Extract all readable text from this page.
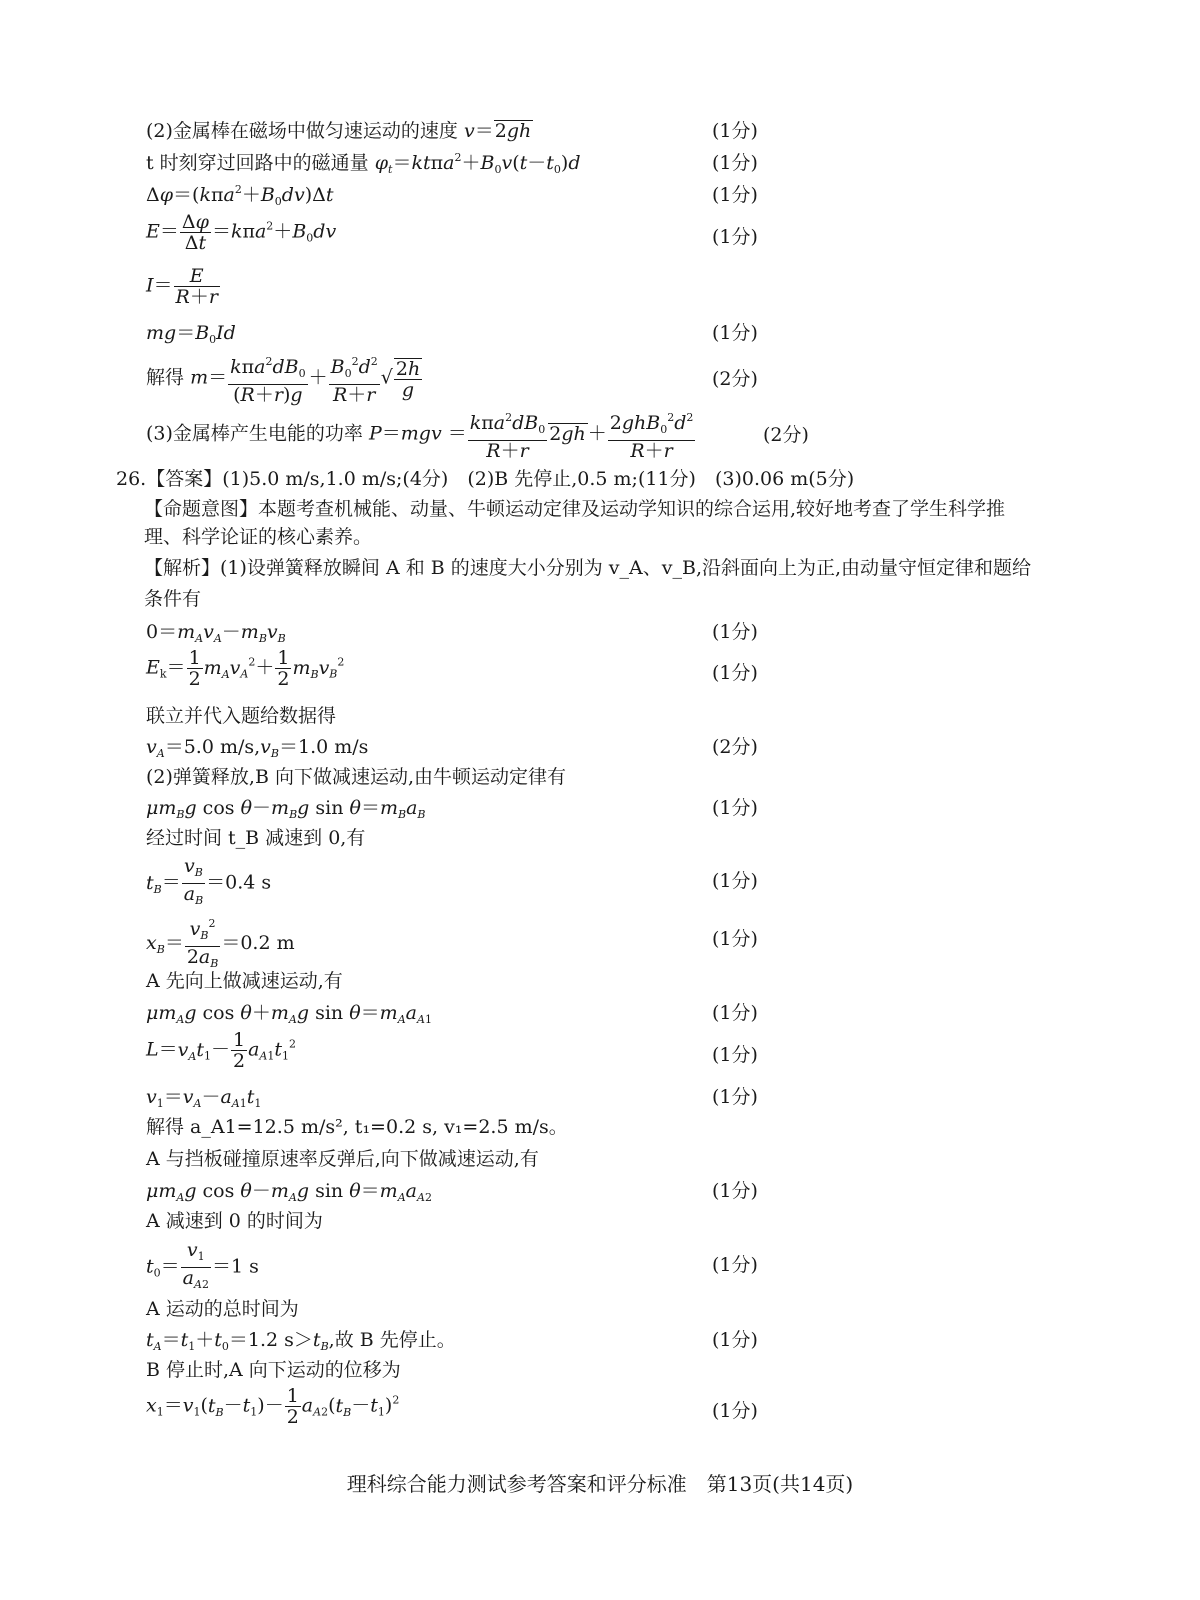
(2)金属棒在磁场中做匀速运动的速度 v＝2gh	(1分)
t 时刻穿过回路中的磁通量 $\varphi_t=kt\pi a^2+B_0v(t-t_0)d$	(1分)
$\Delta\varphi=(k\pi a^2+B_0dv)\Delta t$	(1分)
$E= \frac{\Delta\varphi}{\Delta t} =k\pi a^2+B_0dv$	(1分)
$I= \frac{E}{R+r}$
$mg=B_0Id$	(1分)
解得 $m= \frac{k\pi a^2dB_0}{(R+r)g} + \frac{B_0^2d^2}{R+r}$ √ $\frac{2h}{g}$	(2分)
(3)金属棒产生电能的功率 $P=mgv = \frac{k\pi a^2dB_0}{R+r} 2gh + \frac{2ghB_0^2d^2}{R+r}$	(2分)
26.【答案】(1)5.0 m/s,1.0 m/s;(4分)　(2)B 先停止,0.5 m;(11分)　(3)0.06 m(5分)
【命题意图】本题考查机械能、动量、牛顿运动定律及运动学知识的综合运用,较好地考查了学生科学推
理、科学论证的核心素养。
【解析】(1)设弹簧释放瞬间 A 和 B 的速度大小分别为 v_A、v_B,沿斜面向上为正,由动量守恒定律和题给
条件有
$0=m_Av_A-m_Bv_B$	(1分)
$E_k= \frac{1}{2} m_Av_A^2+ \frac{1}{2} m_Bv_B^2$	(1分)
联立并代入题给数据得
$v_A=5.0$ $m/s,v_B=1.0$ m/s	(2分)
(2)弹簧释放,B 向下做减速运动,由牛顿运动定律有
$\mu m_Bg$ $\cos \theta-m_Bg$ $\sin \theta=m_Ba_B$	(1分)
经过时间 t_B 减速到 0,有
$t_B= \frac{v_B}{a_B} =0.4$ s	(1分)
$x_B= \frac{v_B^2}{2a_B} =0.2$ m	(1分)
A 先向上做减速运动,有
$\mu m_Ag$ $\cos \theta+m_Ag$ $\sin \theta=m_Aa_{A1}$	(1分)
$L=v_At_1- \frac{1}{2} a_{A1}t_1^2$	(1分)
$v_1=v_A-a_{A1}t_1$	(1分)
解得 a_A1=12.5 m/s², t₁=0.2 s, v₁=2.5 m/s。
A 与挡板碰撞原速率反弹后,向下做减速运动,有
$\mu m_Ag$ $\cos \theta-m_Ag$ $\sin \theta=m_Aa_{A2}$	(1分)
A 减速到 0 的时间为
$t_0= \frac{v_1}{a_{A2}} =1$ s	(1分)
A 运动的总时间为
$t_A=t_1+t_0=1.2$ $s>t_B$,故 B 先停止。	(1分)
B 停止时,A 向下运动的位移为
$x_1=v_1(t_B-t_1)- \frac{1}{2} a_{A2}(t_B-t_1)^2$	(1分)
理科综合能力测试参考答案和评分标准　第13页(共14页)
